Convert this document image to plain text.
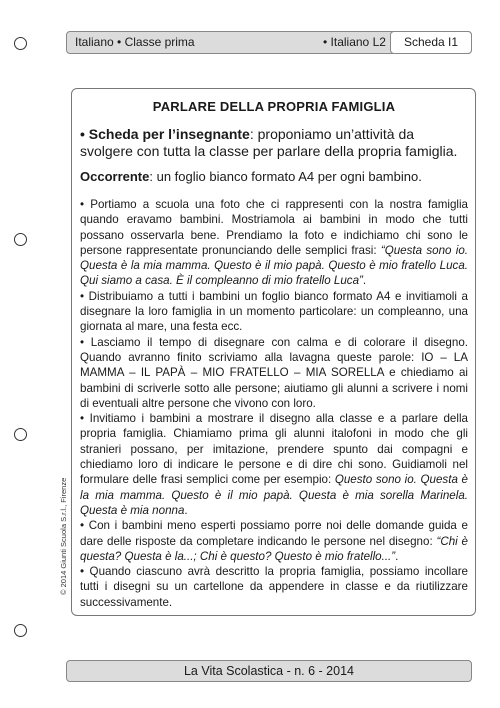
Italiano • Classe prima	• Italiano L2	Scheda I1
PARLARE DELLA PROPRIA FAMIGLIA

• Scheda per l’insegnante: proponiamo un’attività da svolgere con tutta la classe per parlare della propria famiglia.

Occorrente: un foglio bianco formato A4 per ogni bambino.

• Portiamo a scuola una foto che ci rappresenti con la nostra famiglia quando eravamo bambini. Mostriamola ai bambini in modo che tutti possano osservarla bene. Prendiamo la foto e indichiamo chi sono le persone rappresentate pronunciando delle semplici frasi: “Questa sono io. Questa è la mia mamma. Questo è il mio papà. Questo è mio fratello Luca. Qui siamo a casa. È il compleanno di mio fratello Luca”.

• Distribuiamo a tutti i bambini un foglio bianco formato A4 e invitiamoli a disegnare la loro famiglia in un momento particolare: un compleanno, una giornata al mare, una festa ecc.

• Lasciamo il tempo di disegnare con calma e di colorare il disegno. Quando avranno finito scriviamo alla lavagna queste parole: IO – LA MAMMA – IL PAPÀ – MIO FRATELLO – MIA SORELLA e chiediamo ai bambini di scriverle sotto alle persone; aiutiamo gli alunni a scrivere i nomi di eventuali altre persone che vivono con loro.

• Invitiamo i bambini a mostrare il disegno alla classe e a parlare della propria famiglia. Chiamiamo prima gli alunni italofoni in modo che gli stranieri possano, per imitazione, prendere spunto dai compagni e chiediamo loro di indicare le persone e di dire chi sono. Guidiamoli nel formulare delle frasi semplici come per esempio: Questo sono io. Questa è la mia mamma. Questo è il mio papà. Questa è mia sorella Marinela. Questa è mia nonna.

• Con i bambini meno esperti possiamo porre noi delle domande guida e dare delle risposte da completare indicando le persone nel disegno: “Chi è questa? Questa è la...; Chi è questo? Questo è mio fratello...”.

• Quando ciascuno avrà descritto la propria famiglia, possiamo incollare tutti i disegni su un cartellone da appendere in classe e da riutilizzare successivamente.

© 2014 Giunti Scuola S.r.l., Firenze
La Vita Scolastica - n. 6 - 2014
